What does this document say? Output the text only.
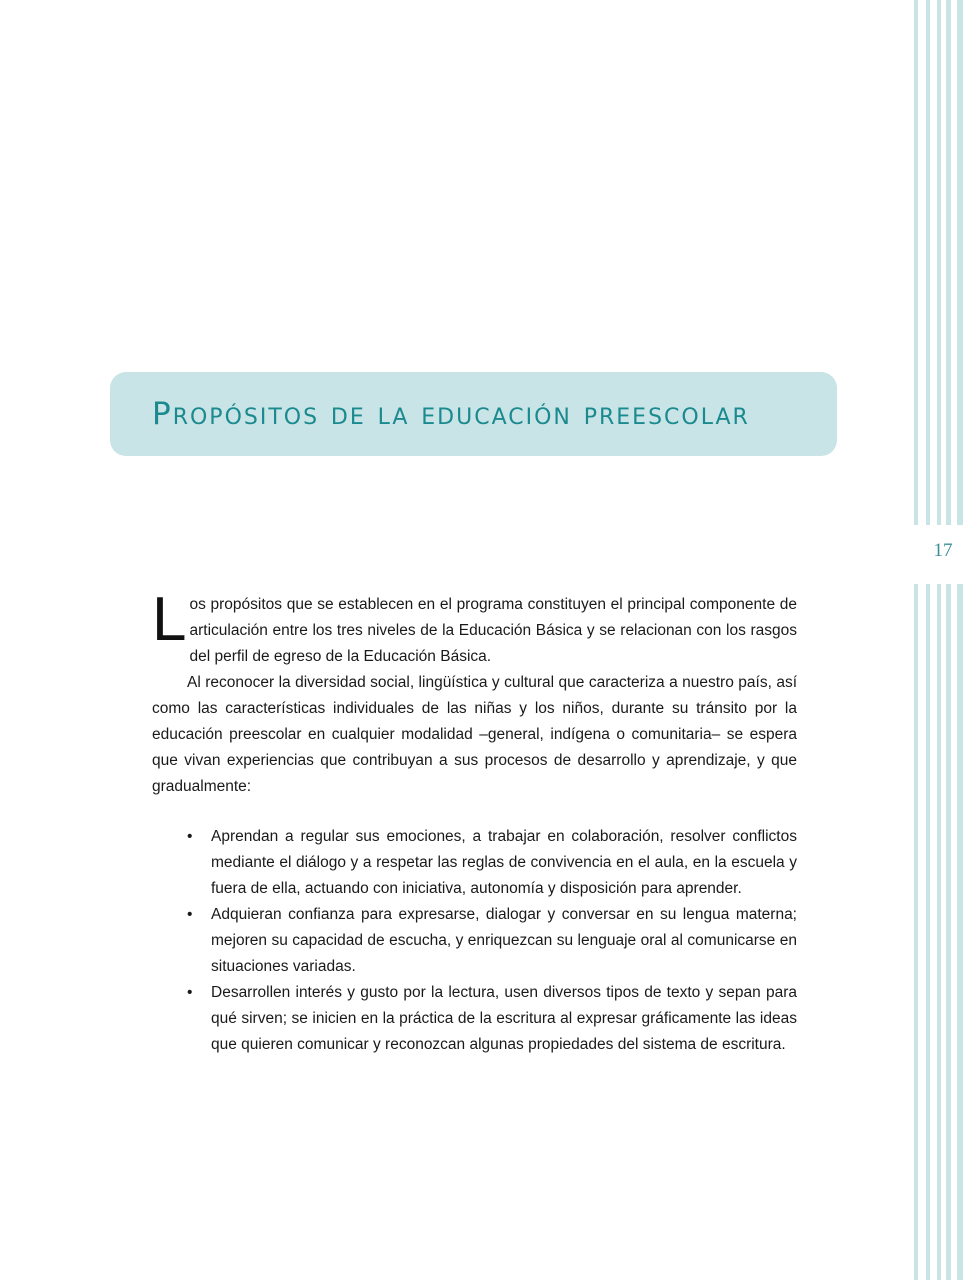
17
Propósitos de la educación preescolar

Los propósitos que se establecen en el programa constituyen el principal componente de articulación entre los tres niveles de la Educación Básica y se relacionan con los rasgos del perfil de egreso de la Educación Básica.

Al reconocer la diversidad social, lingüística y cultural que caracteriza a nuestro país, así como las características individuales de las niñas y los niños, durante su tránsito por la educación preescolar en cualquier modalidad –general, indígena o comunitaria– se espera que vivan experiencias que contribuyan a sus procesos de desarrollo y aprendizaje, y que gradualmente:

• Aprendan a regular sus emociones, a trabajar en colaboración, resolver conflictos mediante el diálogo y a respetar las reglas de convivencia en el aula, en la escuela y fuera de ella, actuando con iniciativa, autonomía y disposición para aprender.
• Adquieran confianza para expresarse, dialogar y conversar en su lengua materna; mejoren su capacidad de escucha, y enriquezcan su lenguaje oral al comunicarse en situaciones variadas.
• Desarrollen interés y gusto por la lectura, usen diversos tipos de texto y sepan para qué sirven; se inicien en la práctica de la escritura al expresar gráficamente las ideas que quieren comunicar y reconozcan algunas propiedades del sistema de escritura.
